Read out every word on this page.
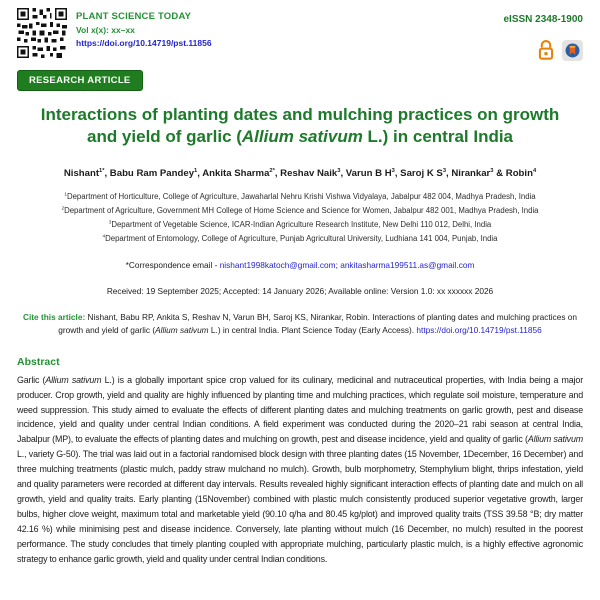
PLANT SCIENCE TODAY
Vol x(x): xx–xx
https://doi.org/10.14719/pst.11856
eISSN 2348-1900
RESEARCH ARTICLE
Interactions of planting dates and mulching practices on growth and yield of garlic (Allium sativum L.) in central India
Nishant$^{1*}$, Babu Ram Pandey$^1$, Ankita Sharma$^{2*}$, Reshav Naik$^3$, Varun B $H^3$, Saroj K $S^3$, Nirankar$^3$ & Robin$^4$
$^1$Department of Horticulture, College of Agriculture, Jawaharlal Nehru Krishi Vishwa Vidyalaya, Jabalpur 482 004, Madhya Pradesh, India
$^2$Department of Agriculture, Government MH College of Home Science and Science for Women, Jabalpur 482 001, Madhya Pradesh, India
$^3$Department of Vegetable Science, ICAR-Indian Agriculture Research Institute, New Delhi 110 012, Delhi, India
$^4$Department of Entomology, College of Agriculture, Punjab Agricultural University, Ludhiana 141 004, Punjab, India
*Correspondence email - nishant1998katoch@gmail.com; ankitasharma199511.as@gmail.com
Received: 19 September 2025; Accepted: 14 January 2026; Available online: Version 1.0: xx xxxxxx 2026
Cite this article: Nishant, Babu RP, Ankita S, Reshav N, Varun BH, Saroj KS, Nirankar, Robin. Interactions of planting dates and mulching practices on growth and yield of garlic (Allium sativum L.) in central India. Plant Science Today (Early Access). https://doi.org/10.14719/pst.11856
Abstract
Garlic (Allium sativum L.) is a globally important spice crop valued for its culinary, medicinal and nutraceutical properties, with India being a major producer. Crop growth, yield and quality are highly influenced by planting time and mulching practices, which regulate soil moisture, temperature and weed suppression. This study aimed to evaluate the effects of different planting dates and mulching treatments on garlic growth, pest and disease incidence, yield and quality under central Indian conditions. A field experiment was conducted during the 2020–21 rabi season at central India, Jabalpur (MP), to evaluate the effects of planting dates and mulching on growth, pest and disease incidence, yield and quality of garlic (Allium sativum L., variety G-50). The trial was laid out in a factorial randomised block design with three planting dates (15 November, 1December, 16 December) and three mulching treatments (plastic mulch, paddy straw mulchand no mulch). Growth, bulb morphometry, Stemphylium blight, thrips infestation, yield and quality parameters were recorded at different day intervals. Results revealed highly significant interaction effects of planting date and mulch on all growth, yield and quality traits. Early planting (15November) combined with plastic mulch consistently produced superior vegetative growth, larger bulbs, higher clove weight, maximum total and marketable yield (90.10 q/ha and 80.45 kg/plot) and improved quality traits (TSS 39.58 °B; dry matter 42.16 %) while minimising pest and disease incidence. Conversely, late planting without mulch (16 December, no mulch) resulted in the poorest performance. The study concludes that timely planting coupled with appropriate mulching, particularly plastic mulch, is a highly effective agronomic strategy to enhance garlic growth, yield and quality under central Indian conditions.
